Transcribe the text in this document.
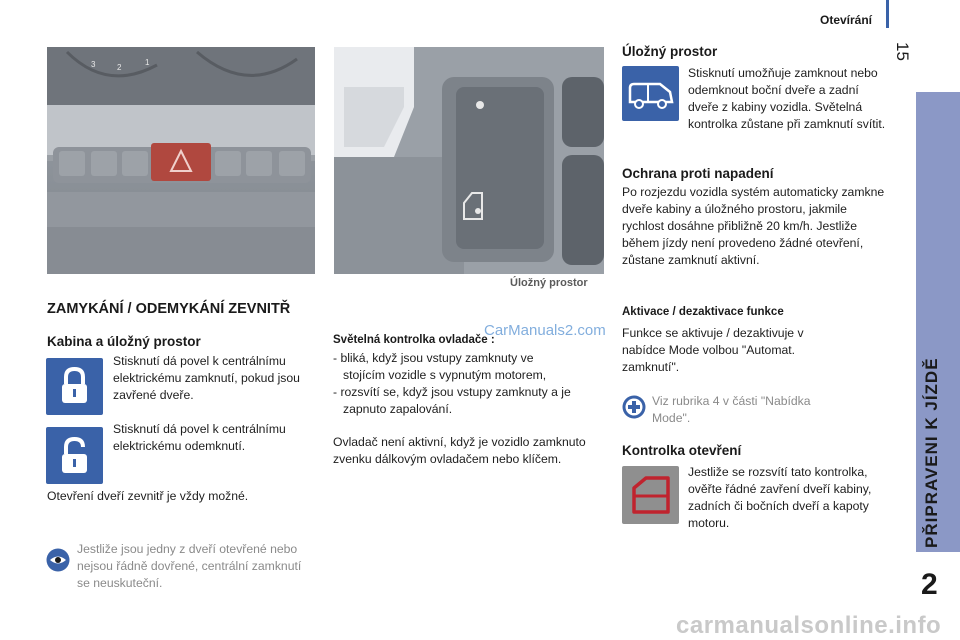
Otevírání
15
PŘIPRAVENI K JÍZDĚ
2
3	2
1
Úložný prostor
ZAMYKÁNÍ / ODEMYKÁNÍ ZEVNITŘ
Kabina a úložný prostor
Stisknutí dá povel k centrálnímu elektrickému zamknutí, pokud jsou zavřené dveře.
Stisknutí dá povel k centrálnímu elektrickému odemknutí.
Otevření dveří zevnitř je vždy možné.
Jestliže jsou jedny z dveří otevřené nebo nejsou řádně dovřené, centrální zamknutí se neuskuteční.
Světelná kontrolka ovladače :
CarManuals2.com
- bliká, když jsou vstupy zamknuty ve
stojícím vozidle s vypnutým motorem,
- rozsvítí se, když jsou vstupy zamknuty a je
zapnuto zapalování.
Ovladač není aktivní, když je vozidlo zamknuto zvenku dálkovým ovladačem nebo klíčem.
Úložný prostor
Stisknutí umožňuje zamknout nebo odemknout boční dveře a zadní dveře z kabiny vozidla. Světelná kontrolka zůstane při zamknutí svítit.
Ochrana proti napadení
Po rozjezdu vozidla systém automaticky zamkne dveře kabiny a úložného prostoru, jakmile rychlost dosáhne přibližně 20 km/h. Jestliže během jízdy není provedeno žádné otevření, zůstane zamknutí aktivní.
Aktivace / dezaktivace funkce
Funkce se aktivuje / dezaktivuje v nabídce Mode volbou "Automat. zamknutí".
Viz rubrika 4 v části "Nabídka Mode".
Kontrolka otevření
Jestliže se rozsvítí tato kontrolka, ověřte řádné zavření dveří kabiny, zadních či bočních dveří a kapoty motoru.
carmanualsonline.info
